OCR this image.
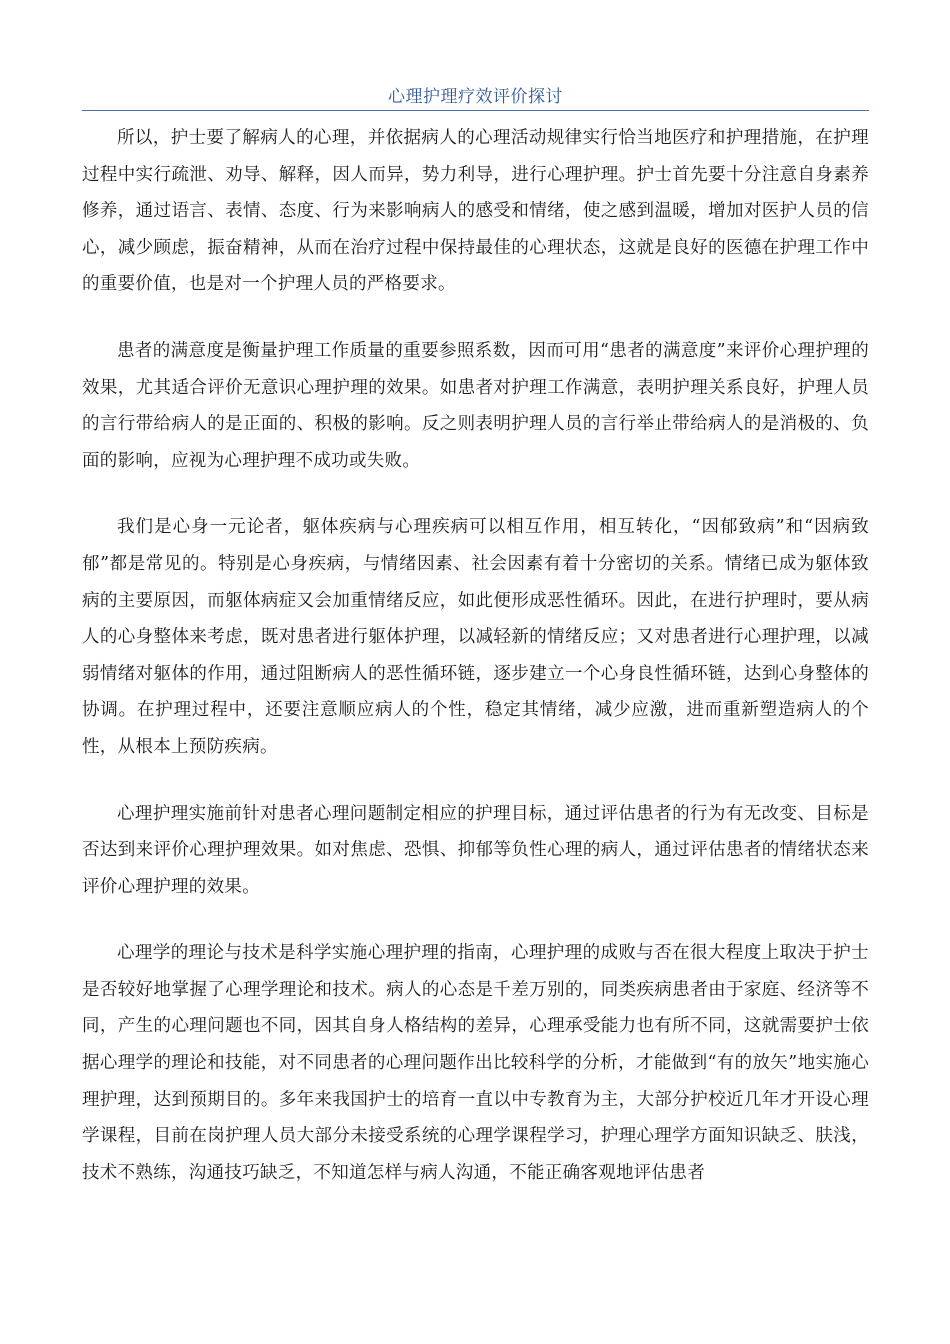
心理护理疗效评价探讨

所以，护士要了解病人的心理，并依据病人的心理活动规律实行恰当地医疗和护理措施，在护理过程中实行疏泄、劝导、解释，因人而异，势力利导，进行心理护理。护士首先要十分注意自身素养修养，通过语言、表情、态度、行为来影响病人的感受和情绪，使之感到温暖，增加对医护人员的信心，减少顾虑，振奋精神，从而在治疗过程中保持最佳的心理状态，这就是良好的医德在护理工作中的重要价值，也是对一个护理人员的严格要求。

患者的满意度是衡量护理工作质量的重要参照系数，因而可用“患者的满意度”来评价心理护理的效果，尤其适合评价无意识心理护理的效果。如患者对护理工作满意，表明护理关系良好，护理人员的言行带给病人的是正面的、积极的影响。反之则表明护理人员的言行举止带给病人的是消极的、负面的影响，应视为心理护理不成功或失败。

我们是心身一元论者，躯体疾病与心理疾病可以相互作用，相互转化，“因郁致病”和“因病致郁”都是常见的。特别是心身疾病，与情绪因素、社会因素有着十分密切的关系。情绪已成为躯体致病的主要原因，而躯体病症又会加重情绪反应，如此便形成恶性循环。因此，在进行护理时，要从病人的心身整体来考虑，既对患者进行躯体护理，以减轻新的情绪反应；又对患者进行心理护理，以减弱情绪对躯体的作用，通过阻断病人的恶性循环链，逐步建立一个心身良性循环链，达到心身整体的协调。在护理过程中，还要注意顺应病人的个性，稳定其情绪，减少应激，进而重新塑造病人的个性，从根本上预防疾病。

心理护理实施前针对患者心理问题制定相应的护理目标，通过评估患者的行为有无改变、目标是否达到来评价心理护理效果。如对焦虑、恐惧、抑郁等负性心理的病人，通过评估患者的情绪状态来评价心理护理的效果。

心理学的理论与技术是科学实施心理护理的指南，心理护理的成败与否在很大程度上取决于护士是否较好地掌握了心理学理论和技术。病人的心态是千差万别的，同类疾病患者由于家庭、经济等不同，产生的心理问题也不同，因其自身人格结构的差异，心理承受能力也有所不同，这就需要护士依据心理学的理论和技能，对不同患者的心理问题作出比较科学的分析，才能做到“有的放矢”地实施心理护理，达到预期目的。多年来我国护士的培育一直以中专教育为主，大部分护校近几年才开设心理学课程，目前在岗护理人员大部分未接受系统的心理学课程学习，护理心理学方面知识缺乏、肤浅，技术不熟练，沟通技巧缺乏，不知道怎样与病人沟通，不能正确客观地评估患者
